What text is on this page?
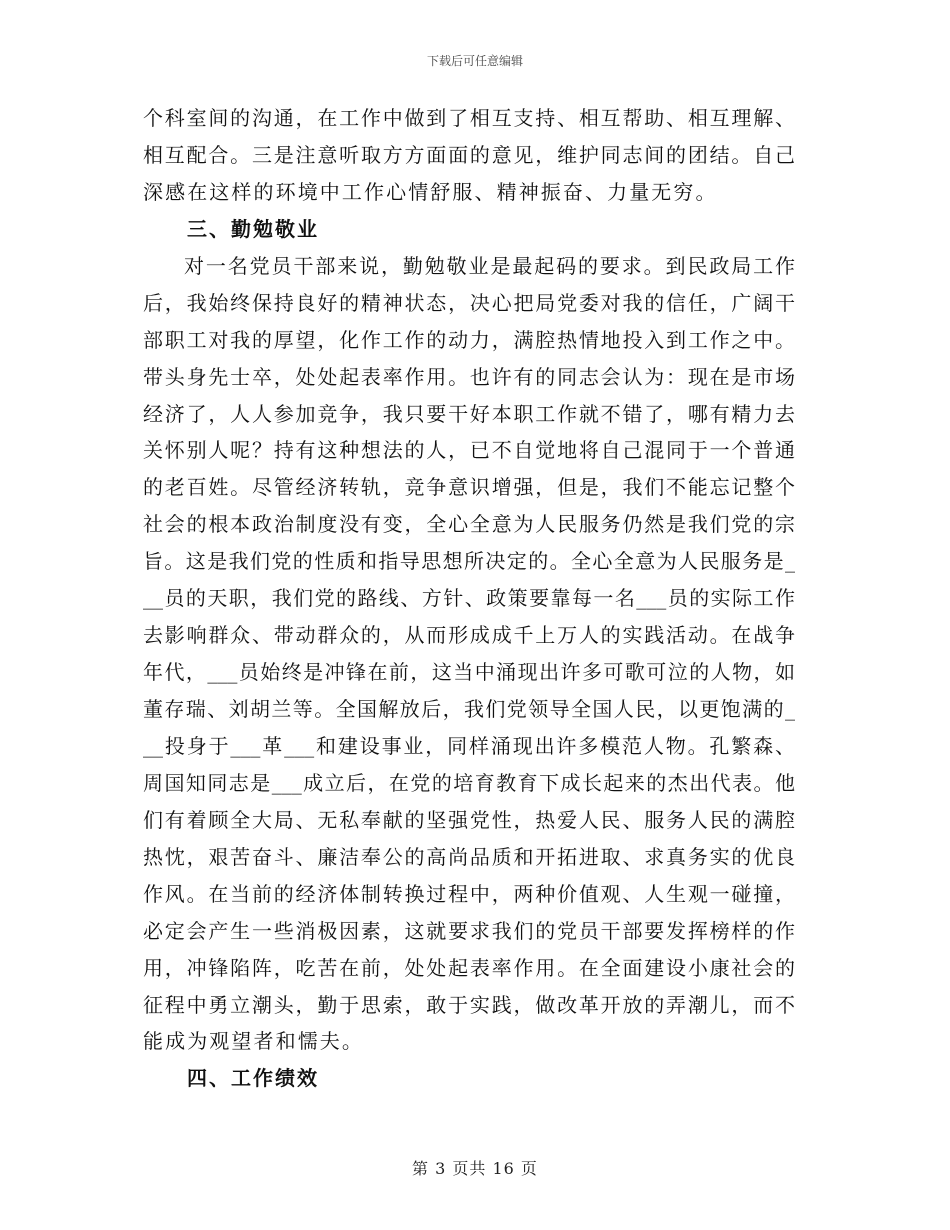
下载后可任意编辑
个科室间的沟通，在工作中做到了相互支持、相互帮助、相互理解、
相互配合。三是注意听取方方面面的意见，维护同志间的团结。自己
深感在这样的环境中工作心情舒服、精神振奋、力量无穷。
三、勤勉敬业
对一名党员干部来说，勤勉敬业是最起码的要求。到民政局工作
后，我始终保持良好的精神状态，决心把局党委对我的信任，广阔干
部职工对我的厚望，化作工作的动力，满腔热情地投入到工作之中。
带头身先士卒，处处起表率作用。也许有的同志会认为：现在是市场
经济了，人人参加竞争，我只要干好本职工作就不错了，哪有精力去
关怀别人呢？持有这种想法的人，已不自觉地将自己混同于一个普通
的老百姓。尽管经济转轨，竞争意识增强，但是，我们不能忘记整个
社会的根本政治制度没有变，全心全意为人民服务仍然是我们党的宗
旨。这是我们党的性质和指导思想所决定的。全心全意为人民服务是_
__员的天职，我们党的路线、方针、政策要靠每一名___员的实际工作
去影响群众、带动群众的，从而形成成千上万人的实践活动。在战争
年代，___员始终是冲锋在前，这当中涌现出许多可歌可泣的人物，如
董存瑞、刘胡兰等。全国解放后，我们党领导全国人民，以更饱满的_
__投身于___革___和建设事业，同样涌现出许多模范人物。孔繁森、
周国知同志是___成立后，在党的培育教育下成长起来的杰出代表。他
们有着顾全大局、无私奉献的坚强党性，热爱人民、服务人民的满腔
热忱，艰苦奋斗、廉洁奉公的高尚品质和开拓进取、求真务实的优良
作风。在当前的经济体制转换过程中，两种价值观、人生观一碰撞，
必定会产生一些消极因素，这就要求我们的党员干部要发挥榜样的作
用，冲锋陷阵，吃苦在前，处处起表率作用。在全面建设小康社会的
征程中勇立潮头，勤于思索，敢于实践，做改革开放的弄潮儿，而不
能成为观望者和懦夫。
四、工作绩效
第 3 页共 16 页
